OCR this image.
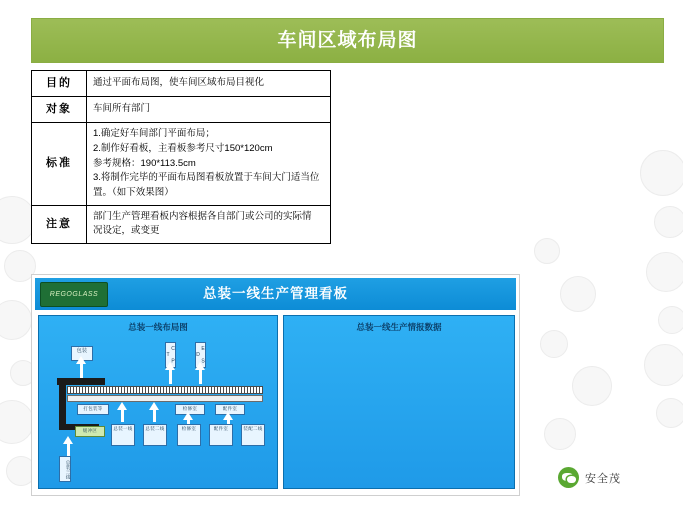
车间区域布局图
目的	通过平面布局图，使车间区域布局目视化

对象	车间所有部门

标准	1.确定好车间部门平面布局；
2.制作好看板，主看板参考尺寸150*120cm
参考规格：190*113.5cm
3.将制作完毕的平面布局图看板放置于车间大门适当位
置。（如下效果图）

注意	部门生产管理看板内容根据各自部门或公司的实际情
况设定，或变更
总装一线生产管理看板
REGOGLASS
总装一线布局图
包装	C P T	E S D
打包装等	检修室	配件室
缓冲区	总装一线	总装二线	检修室	配件室	装配二线
总装三线
总装一线生产情报数据
安全茂
